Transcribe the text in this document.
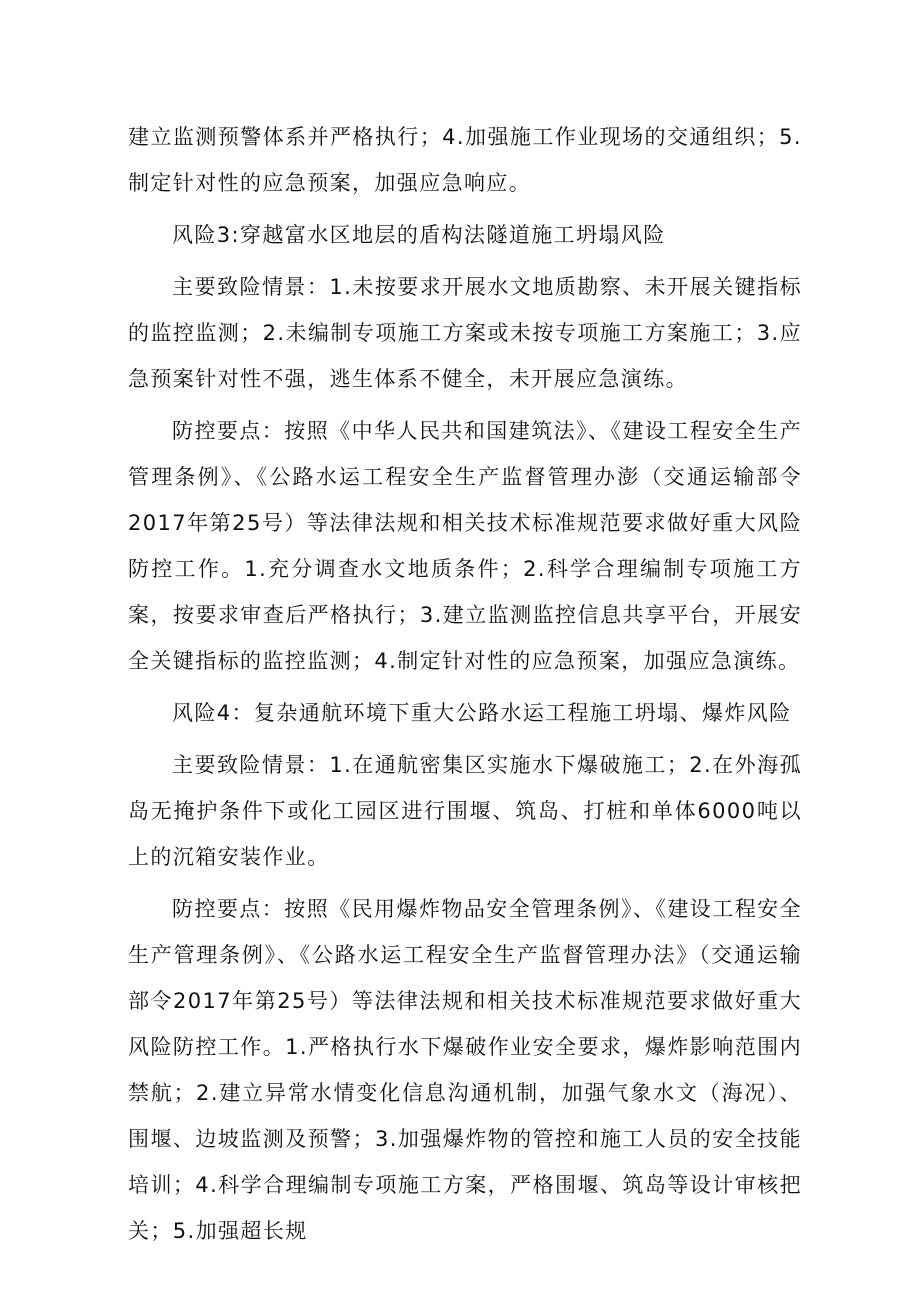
建立监测预警体系并严格执行；4.加强施工作业现场的交通组织；5.制定针对性的应急预案，加强应急响应。

风险3:穿越富水区地层的盾构法隧道施工坍塌风险

主要致险情景：1.未按要求开展水文地质勘察、未开展关键指标的监控监测；2.未编制专项施工方案或未按专项施工方案施工；3.应急预案针对性不强，逃生体系不健全，未开展应急演练。

防控要点：按照《中华人民共和国建筑法》、《建设工程安全生产管理条例》、《公路水运工程安全生产监督管理办澎（交通运输部令2017年第25号）等法律法规和相关技术标准规范要求做好重大风险防控工作。1.充分调查水文地质条件；2.科学合理编制专项施工方案，按要求审查后严格执行；3.建立监测监控信息共享平台，开展安全关键指标的监控监测；4.制定针对性的应急预案，加强应急演练。

风险4：复杂通航环境下重大公路水运工程施工坍塌、爆炸风险

主要致险情景：1.在通航密集区实施水下爆破施工；2.在外海孤岛无掩护条件下或化工园区进行围堰、筑岛、打桩和单体6000吨以上的沉箱安装作业。

防控要点：按照《民用爆炸物品安全管理条例》、《建设工程安全生产管理条例》、《公路水运工程安全生产监督管理办法》（交通运输部令2017年第25号）等法律法规和相关技术标准规范要求做好重大风险防控工作。1.严格执行水下爆破作业安全要求，爆炸影响范围内禁航；2.建立异常水情变化信息沟通机制，加强气象水文（海况）、围堰、边坡监测及预警；3.加强爆炸物的管控和施工人员的安全技能培训；4.科学合理编制专项施工方案，严格围堰、筑岛等设计审核把关；5.加强超长规
